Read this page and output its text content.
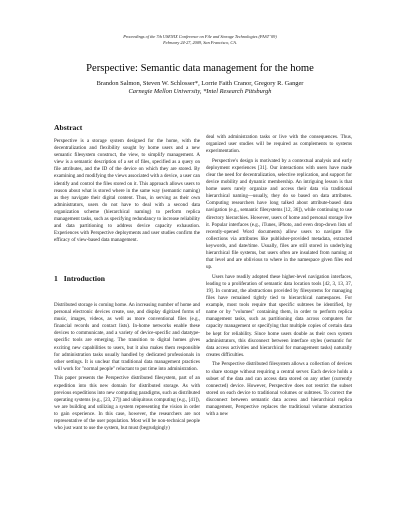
Proceedings of the 7th USENIX Conference on File and Storage Technologies (FAST '09)
February 24-27, 2009, San Francisco, CA.
Perspective: Semantic data management for the home
Brandon Salmon, Steven W. Schlosser*, Lorrie Faith Cranor, Gregory R. Ganger
Carnegie Mellon University, *Intel Research Pittsburgh
Abstract

Perspective is a storage system designed for the home, with the decentralization and flexibility sought by home users and a new semantic filesystem construct, the view, to simplify management. A view is a semantic description of a set of files, specified as a query on file attributes, and the ID of the device on which they are stored. By examining and modifying the views associated with a device, a user can identify and control the files stored on it. This approach allows users to reason about what is stored where in the same way (semantic naming) as they navigate their digital content. Thus, in serving as their own administrators, users do not have to deal with a second data organization scheme (hierarchical naming) to perform replica management tasks, such as specifying redundancy to increase reliability and data partitioning to address device capacity exhaustion. Experiences with Perspective deployments and user studies confirm the efficacy of view-based data management.

1 Introduction

Distributed storage is coming home. An increasing number of home and personal electronic devices create, use, and display digitized forms of music, images, videos, as well as more conventional files (e.g., financial records and contact lists). In-home networks enable these devices to communicate, and a variety of device-specific and datatype-specific tools are emerging. The transition to digital homes gives exciting new capabilities to users, but it also makes them responsible for administration tasks usually handled by dedicated professionals in other settings. It is unclear that traditional data management practices will work for "normal people" reluctant to put time into administration.

This paper presents the Perspective distributed filesystem, part of an expedition into this new domain for distributed storage. As with previous expeditions into new computing paradigms, such as distributed operating systems (e.g., [23, 27]) and ubiquitous computing (e.g., [41]), we are building and utilizing a system representing the vision in order to gain experience. In this case, however, the researchers are not representative of the user population. Most will be non-technical people who just want to use the system, but must (begrudgingly)

deal with administration tasks or live with the consequences. Thus, organized user studies will be required as complements to systems experimentation.

Perspective's design is motivated by a contextual analysis and early deployment experiences [31]. Our interactions with users have made clear the need for decentralization, selective replication, and support for device mobility and dynamic membership. An intriguing lesson is that home users rarely organize and access their data via traditional hierarchical naming—usually, they do so based on data attributes. Computing researchers have long talked about attribute-based data navigation (e.g., semantic filesystems [12, 36]), while continuing to use directory hierarchies. However, users of home and personal storage live it. Popular interfaces (e.g., iTunes, iPhoto, and even drop-down lists of recently-opened Word documents) allow users to navigate file collections via attributes like publisher-provided metadata, extracted keywords, and date/time. Usually, files are still stored in underlying hierarchical file systems, but users often are insulated from naming at that level and are oblivious to where in the namespace given files end up.

Users have readily adopted these higher-level navigation interfaces, leading to a proliferation of semantic data location tools [42, 3, 13, 37, 19]. In contrast, the abstractions provided by filesystems for managing files have remained tightly tied to hierarchical namespaces. For example, most tools require that specific subtrees be identified, by name or by "volumes" containing them, in order to perform replica management tasks, such as partitioning data across computers for capacity management or specifying that multiple copies of certain data be kept for reliability. Since home users double as their own system administrators, this disconnect between interface styles (semantic for data access activities and hierarchical for management tasks) naturally creates difficulties.

The Perspective distributed filesystem allows a collection of devices to share storage without requiring a central server. Each device holds a subset of the data and can access data stored on any other (currently connected) device. However, Perspective does not restrict the subset stored on each device to traditional volumes or subtrees. To correct the disconnect between semantic data access and hierarchical replica management, Perspective replaces the traditional volume abstraction with a new
